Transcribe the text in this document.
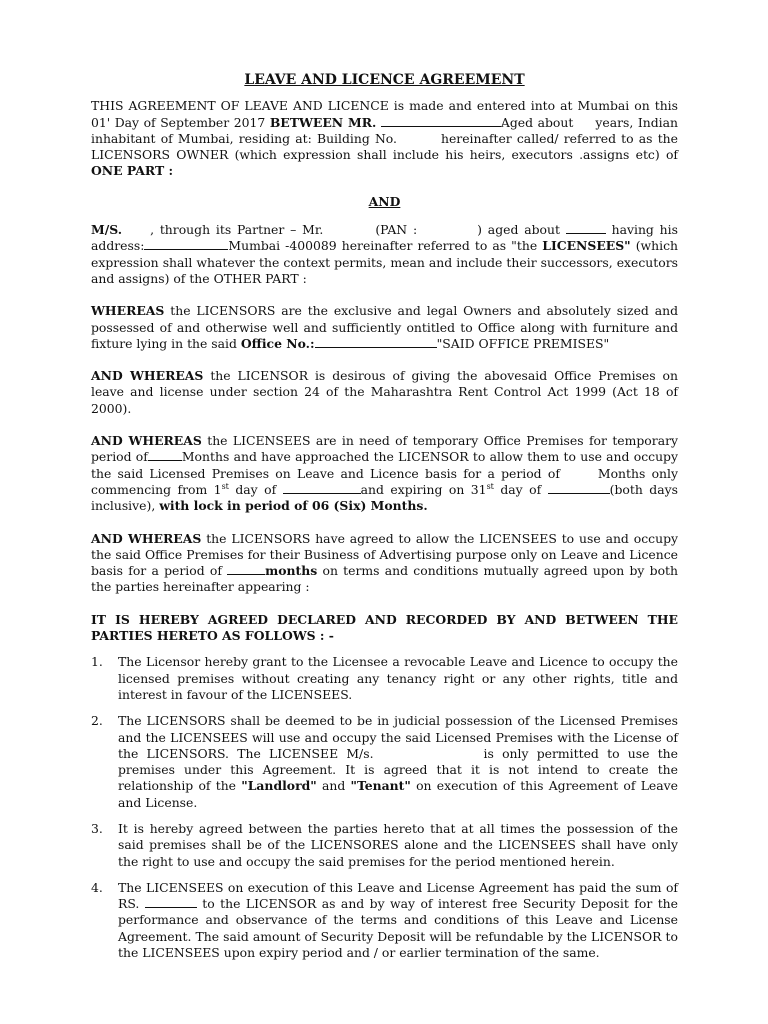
LEAVE AND LICENCE AGREEMENT

THIS AGREEMENT OF LEAVE AND LICENCE is made and entered into at Mumbai on this 01' Day of September 2017 BETWEEN MR.	Aged about years, Indian inhabitant of Mumbai, residing at: Building No.	hereinafter called/ referred to as the LICENSORS OWNER (which expression shall include his heirs, executors .assigns etc) of ONE PART :

AND

M/S. , through its Partner – Mr.	(PAN :	) aged about	having his address:	Mumbai -400089 hereinafter referred to as "the LICENSEES" (which expression shall whatever the context permits, mean and include their successors, executors and assigns) of the OTHER PART :

WHEREAS the LICENSORS are the exclusive and legal Owners and absolutely sized and possessed of and otherwise well and sufficiently ontitled to Office along with furniture and fixture lying in the said Office No.:	"SAID OFFICE PREMISES"

AND WHEREAS the LICENSOR is desirous of giving the abovesaid Office Premises on leave and license under section 24 of the Maharashtra Rent Control Act 1999 (Act 18 of 2000).

AND WHEREAS the LICENSEES are in need of temporary Office Premises for temporary period of	Months and have approached the LICENSOR to allow them to use and occupy the said Licensed Premises on Leave and Licence basis for a period of	Months only commencing from 1st day of	and expiring on 31st day of	(both days inclusive), with lock in period of 06 (Six) Months.

AND WHEREAS the LICENSORS have agreed to allow the LICENSEES to use and occupy the said Office Premises for their Business of Advertising purpose only on Leave and Licence basis for a period of	months on terms and conditions mutually agreed upon by both the parties hereinafter appearing :

IT IS HEREBY AGREED DECLARED AND RECORDED BY AND BETWEEN THE PARTIES HERETO AS FOLLOWS : -

1. The Licensor hereby grant to the Licensee a revocable Leave and Licence to occupy the licensed premises without creating any tenancy right or any other rights, title and interest in favour of the LICENSEES.
2. The LICENSORS shall be deemed to be in judicial possession of the Licensed Premises and the LICENSEES will use and occupy the said Licensed Premises with the License of the LICENSORS. The LICENSEE M/s.	is only permitted to use the premises under this Agreement. It is agreed that it is not intend to create the relationship of the "Landlord" and "Tenant" on execution of this Agreement of Leave and License.
3. It is hereby agreed between the parties hereto that at all times the possession of the said premises shall be of the LICENSORES alone and the LICENSEES shall have only the right to use and occupy the said premises for the period mentioned herein.
4. The LICENSEES on execution of this Leave and License Agreement has paid the sum of RS.	to the LICENSOR as and by way of interest free Security Deposit for the performance and observance of the terms and conditions of this Leave and License Agreement. The said amount of Security Deposit will be refundable by the LICENSOR to the LICENSEES upon expiry period and / or earlier termination of the same.
